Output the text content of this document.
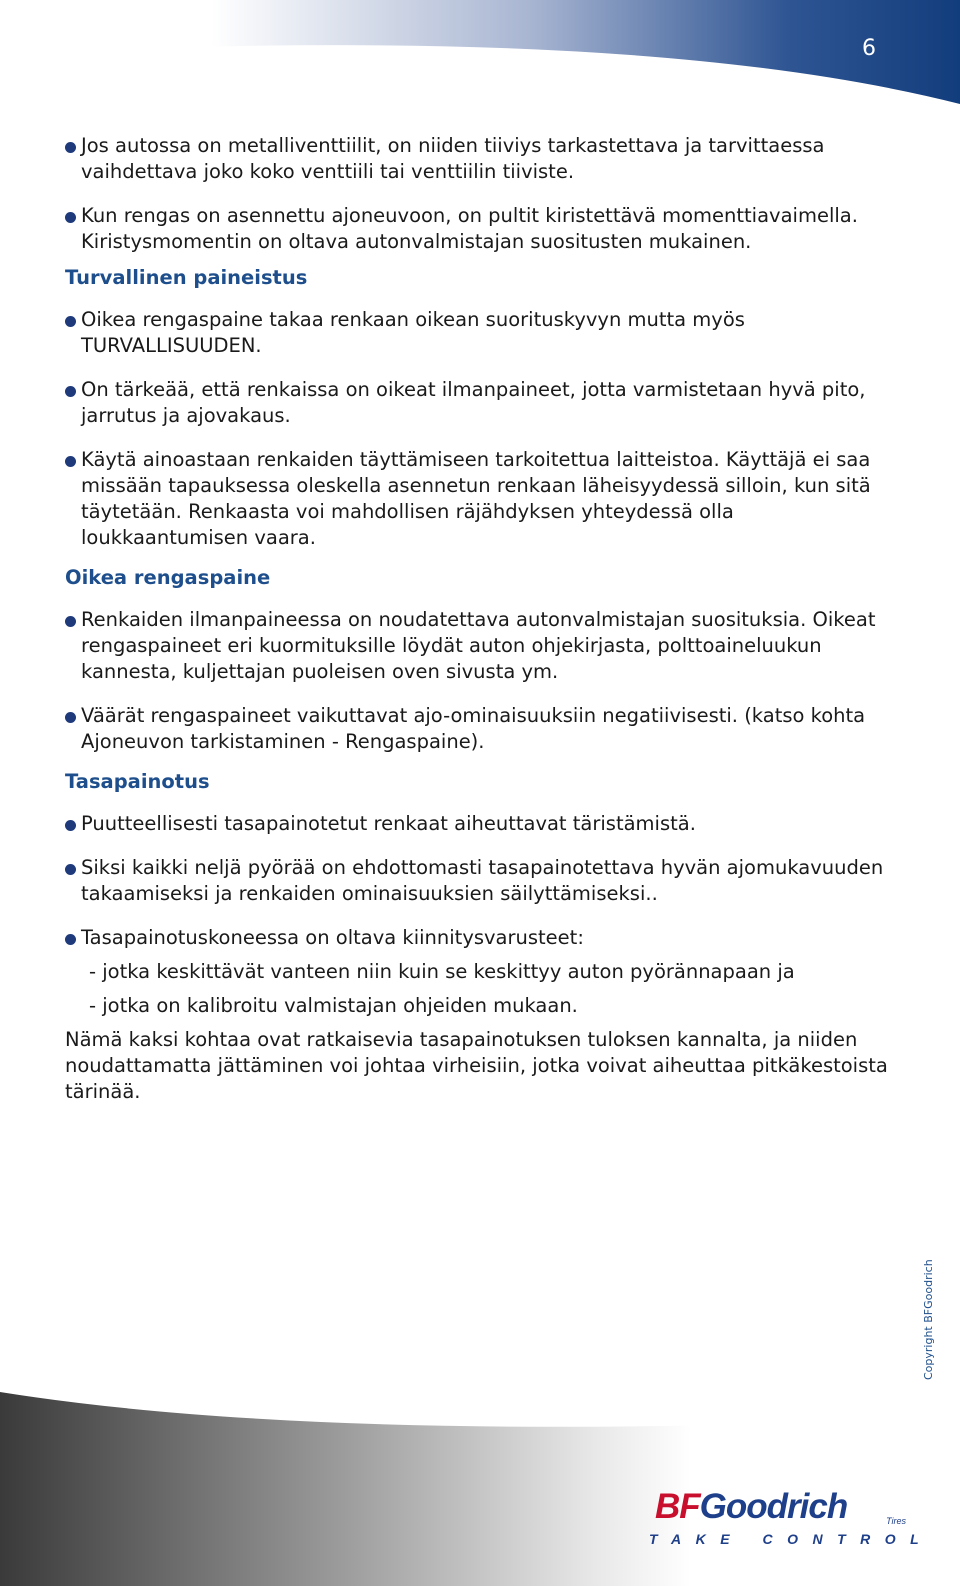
6
Jos autossa on metalliventtiilit, on niiden tiiviys tarkastettava ja tarvittaessa vaihdettava joko koko venttiili tai venttiilin tiiviste.
Kun rengas on asennettu ajoneuvoon, on pultit kiristettävä momenttiavaimella. Kiristysmomentin on oltava autonvalmistajan suositusten mukainen.
Turvallinen paineistus
Oikea rengaspaine takaa renkaan oikean suorituskyvyn mutta myös TURVALLISUUDEN.
On tärkeää, että renkaissa on oikeat ilmanpaineet, jotta varmistetaan hyvä pito, jarrutus ja ajovakaus.
Käytä ainoastaan renkaiden täyttämiseen tarkoitettua laitteistoa. Käyttäjä ei saa missään tapauksessa oleskella asennetun renkaan läheisyydessä silloin, kun sitä täytetään. Renkaasta voi mahdollisen räjähdyksen yhteydessä olla loukkaantumisen vaara.
Oikea rengaspaine
Renkaiden ilmanpaineessa on noudatettava autonvalmistajan suosituksia. Oikeat rengaspaineet eri kuormituksille löydät auton ohjekirjasta, polttoaineluukun kannesta, kuljettajan puoleisen oven sivusta ym.
Väärät rengaspaineet vaikuttavat ajo-ominaisuuksiin negatiivisesti. (katso kohta Ajoneuvon tarkistaminen - Rengaspaine).
Tasapainotus
Puutteellisesti tasapainotetut renkaat aiheuttavat täristämistä.
Siksi kaikki neljä pyörää on ehdottomasti tasapainotettava hyvän ajomukavuuden takaamiseksi ja renkaiden ominaisuuksien säilyttämiseksi..
Tasapainotuskoneessa on oltava kiinnitysvarusteet:
- jotka keskittävät vanteen niin kuin se keskittyy auton pyörännapaan ja
- jotka on kalibroitu valmistajan ohjeiden mukaan.
Nämä kaksi kohtaa ovat ratkaisevia tasapainotuksen tuloksen kannalta, ja niiden noudattamatta jättäminen voi johtaa virheisiin, jotka voivat aiheuttaa pitkäkestoista tärinää.
Copyright BFGoodrich
BFGoodrich	Tires
TAKE CONTROL
